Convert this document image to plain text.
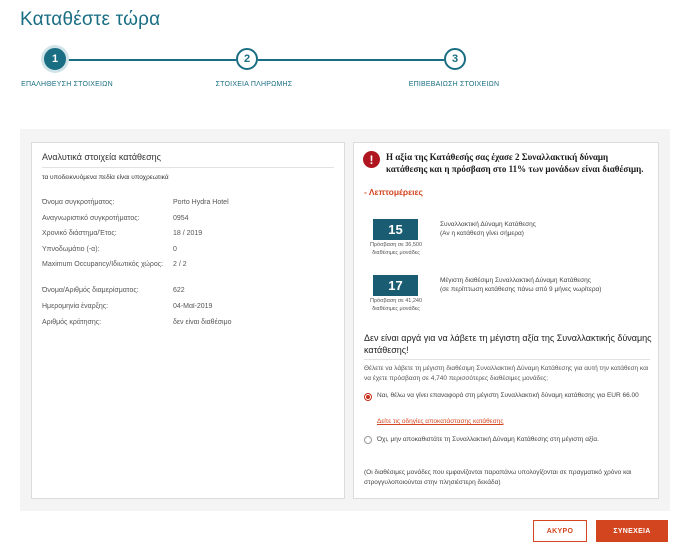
Καταθέστε τώρα
1	2	3
ΕΠΑΛΗΘΕΥΣΗ ΣΤΟΙΧΕΙΩΝ	ΣΤΟΙΧΕΙΑ ΠΛΗΡΩΜΗΣ	ΕΠΙΒΕΒΑΙΩΣΗ ΣΤΟΙΧΕΙΩΝ
Αναλυτικά στοιχεία κατάθεσης
τα υποδεικνυόμενα πεδία είναι υποχρεωτικά
Όνομα συγκροτήματος:	Porto Hydra Hotel
Αναγνωριστικό συγκροτήματος:	0954
Χρονικό διάστημα/Έτος:	18 / 2019
Υπνοδωμάτιο (-α):	0
Maximum Occupancy/Ιδιωτικός χώρος:	2 / 2
Όνομα/Αριθμός διαμερίσματος:	622
Ημερομηνία έναρξης:	04-Μαϊ-2019
Αριθμός κράτησης:	δεν είναι διαθέσιμο
!	Η αξία της Κατάθεσής σας έχασε 2 Συναλλακτική δύναμη κατάθεσης και η πρόσβαση στο 11% των μονάδων είναι διαθέσιμη.
- Λεπτομέρειες
15
Πρόσβαση σε 36,500 διαθέσιμες μονάδες
Συναλλακτική Δύναμη Κατάθεσης
(Αν η κατάθεση γίνει σήμερα)
17
Πρόσβαση σε 41,240 διαθέσιμες μονάδες
Μέγιστη διαθέσιμη Συναλλακτική Δύναμη Κατάθεσης
(σε περίπτωση κατάθεσης πάνω από 9 μήνες νωρίτερα)
Δεν είναι αργά για να λάβετε τη μέγιστη αξία της Συναλλακτικής δύναμης κατάθεσης!
Θέλετε να λάβετε τη μέγιστη διαθέσιμη Συναλλακτική Δύναμη Κατάθεσης για αυτή την κατάθεση και να έχετε πρόσβαση σε 4,740 περισσότερες διαθέσιμες μονάδες;
Ναι, θέλω να γίνει επαναφορά στη μέγιστη Συναλλακτική δύναμη κατάθεσης για EUR 66.00
Δείτε τις οδηγίες αποκατάστασης κατάθεσης
Όχι, μην αποκαθιστάτε τη Συναλλακτική Δύναμη Κατάθεσης στη μέγιστη αξία.
(Οι διαθέσιμες μονάδες που εμφανίζονται παραπάνω υπολογίζονται σε πραγματικό χρόνο και στρογγυλοποιούνται στην πλησιέστερη δεκάδα)
ΑΚΥΡΟ	ΣΥΝΕΧΕΙΑ
